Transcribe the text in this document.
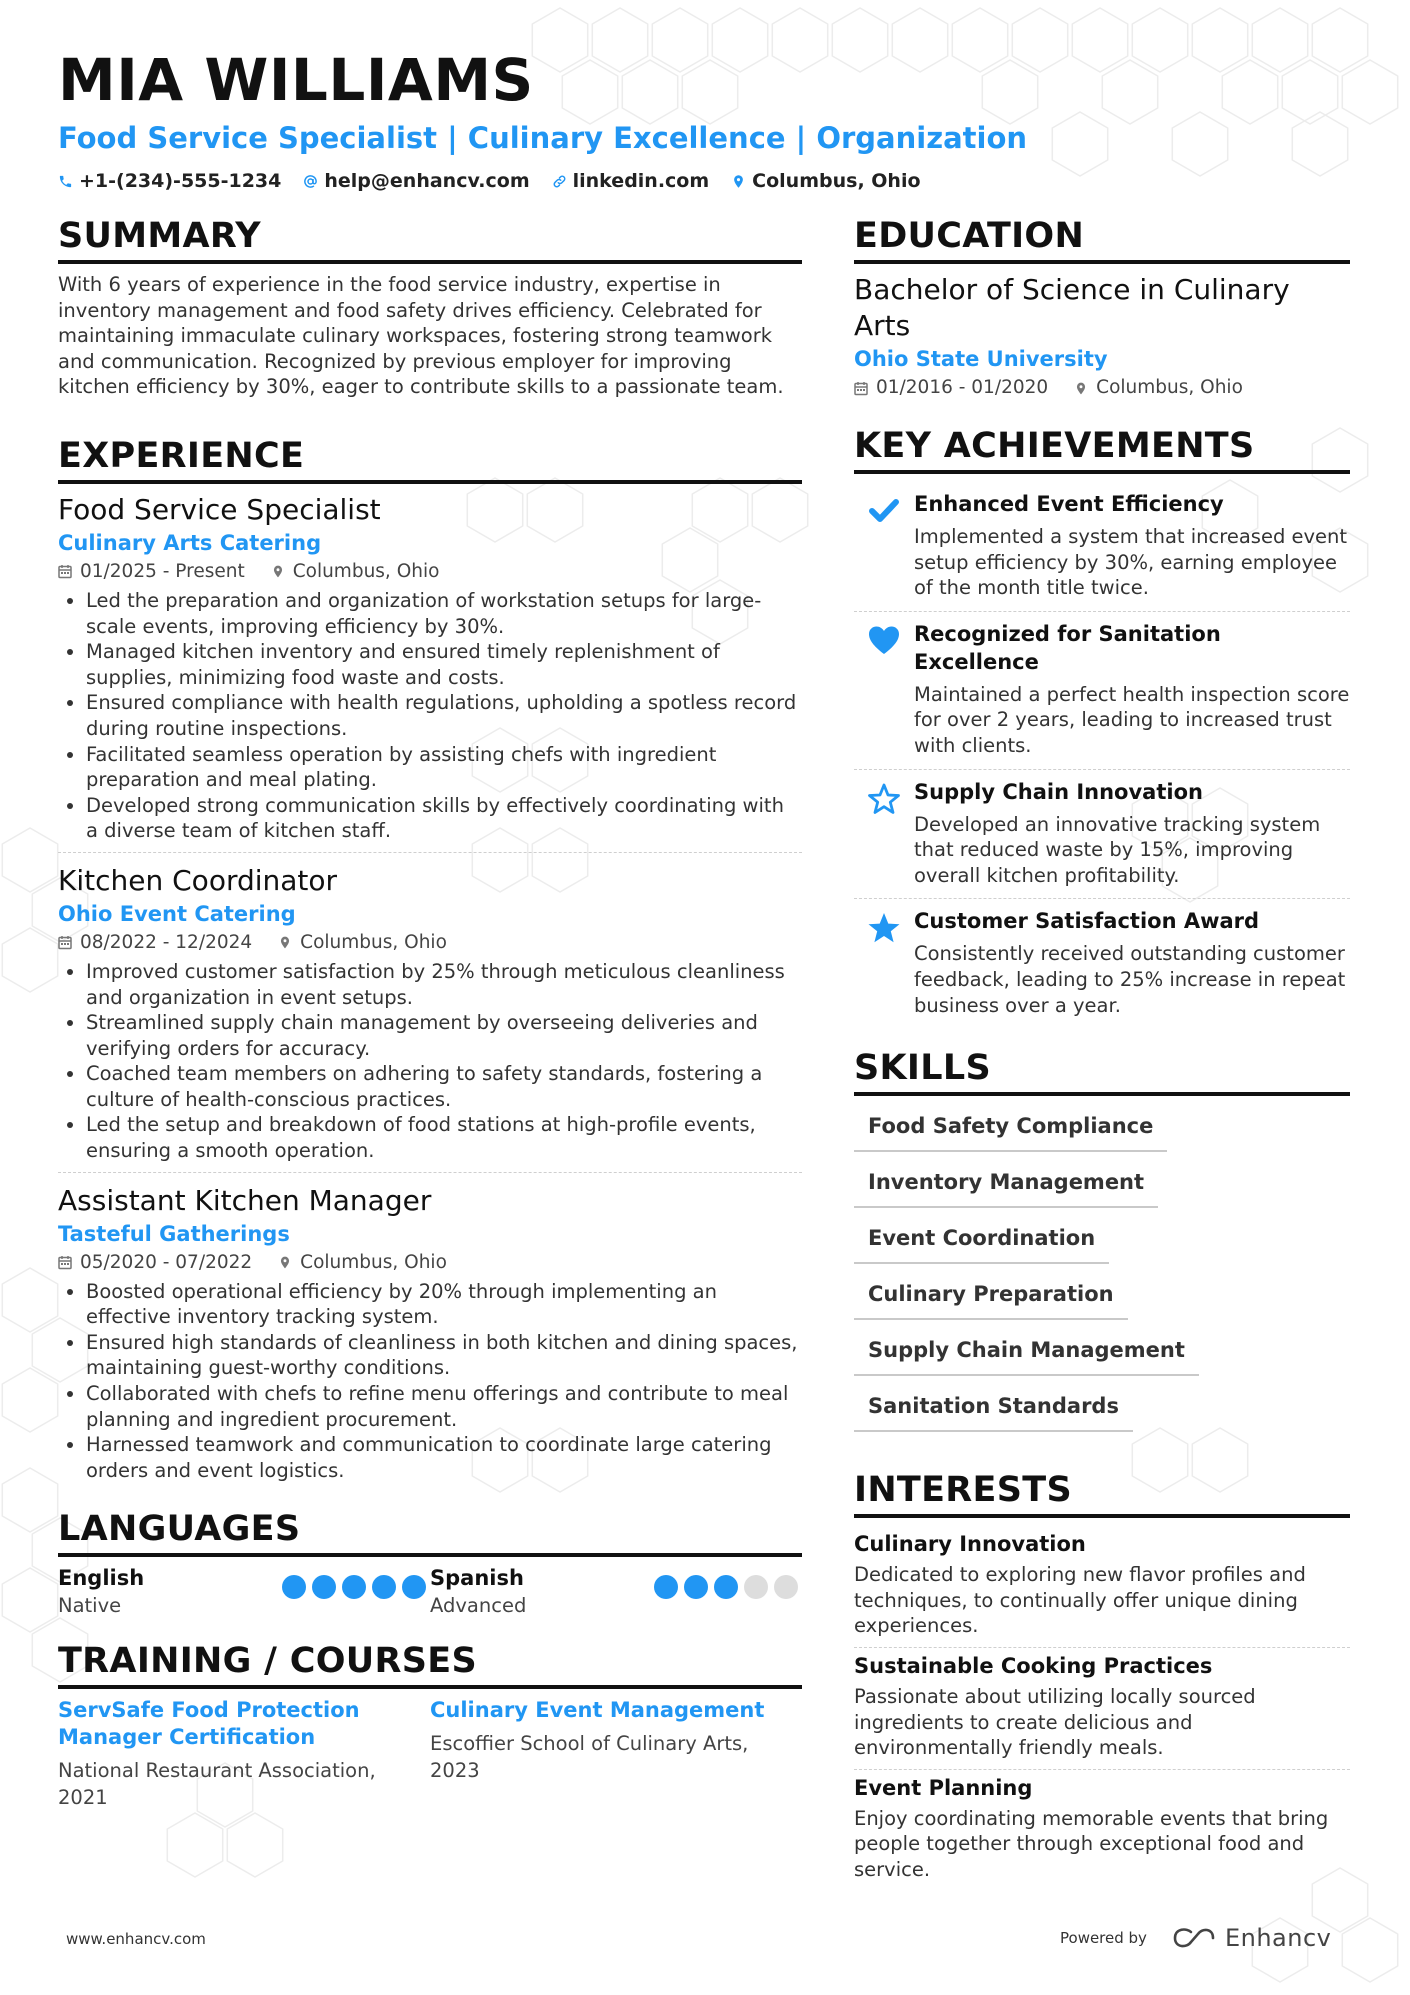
MIA WILLIAMS
Food Service Specialist | Culinary Excellence | Organization
+1-(234)-555-1234 help@enhancv.com linkedin.com Columbus, Ohio
SUMMARY
With 6 years of experience in the food service industry, expertise in inventory management and food safety drives efficiency. Celebrated for maintaining immaculate culinary workspaces, fostering strong teamwork and communication. Recognized by previous employer for improving kitchen efficiency by 30%, eager to contribute skills to a passionate team.
EXPERIENCE
Food Service Specialist
Culinary Arts Catering
01/2025 - Present	Columbus, Ohio
• Led the preparation and organization of workstation setups for large-scale events, improving efficiency by 30%.
• Managed kitchen inventory and ensured timely replenishment of supplies, minimizing food waste and costs.
• Ensured compliance with health regulations, upholding a spotless record during routine inspections.
• Facilitated seamless operation by assisting chefs with ingredient preparation and meal plating.
• Developed strong communication skills by effectively coordinating with a diverse team of kitchen staff.
Kitchen Coordinator
Ohio Event Catering
08/2022 - 12/2024	Columbus, Ohio
• Improved customer satisfaction by 25% through meticulous cleanliness and organization in event setups.
• Streamlined supply chain management by overseeing deliveries and verifying orders for accuracy.
• Coached team members on adhering to safety standards, fostering a culture of health-conscious practices.
• Led the setup and breakdown of food stations at high-profile events, ensuring a smooth operation.
Assistant Kitchen Manager
Tasteful Gatherings
05/2020 - 07/2022	Columbus, Ohio
• Boosted operational efficiency by 20% through implementing an effective inventory tracking system.
• Ensured high standards of cleanliness in both kitchen and dining spaces, maintaining guest-worthy conditions.
• Collaborated with chefs to refine menu offerings and contribute to meal planning and ingredient procurement.
• Harnessed teamwork and communication to coordinate large catering orders and event logistics.
LANGUAGES
English
Native
Spanish
Advanced
TRAINING / COURSES
ServSafe Food Protection Manager Certification
National Restaurant Association, 2021
Culinary Event Management
Escoffier School of Culinary Arts, 2023
EDUCATION
Bachelor of Science in Culinary Arts
Ohio State University
01/2016 - 01/2020	Columbus, Ohio
KEY ACHIEVEMENTS
Enhanced Event Efficiency
Implemented a system that increased event setup efficiency by 30%, earning employee of the month title twice.
Recognized for Sanitation Excellence
Maintained a perfect health inspection score for over 2 years, leading to increased trust with clients.
Supply Chain Innovation
Developed an innovative tracking system that reduced waste by 15%, improving overall kitchen profitability.
Customer Satisfaction Award
Consistently received outstanding customer feedback, leading to 25% increase in repeat business over a year.
SKILLS
Food Safety Compliance
Inventory Management
Event Coordination
Culinary Preparation
Supply Chain Management
Sanitation Standards
INTERESTS
Culinary Innovation
Dedicated to exploring new flavor profiles and techniques, to continually offer unique dining experiences.
Sustainable Cooking Practices
Passionate about utilizing locally sourced ingredients to create delicious and environmentally friendly meals.
Event Planning
Enjoy coordinating memorable events that bring people together through exceptional food and service.
www.enhancv.com	Powered by	Enhancv
